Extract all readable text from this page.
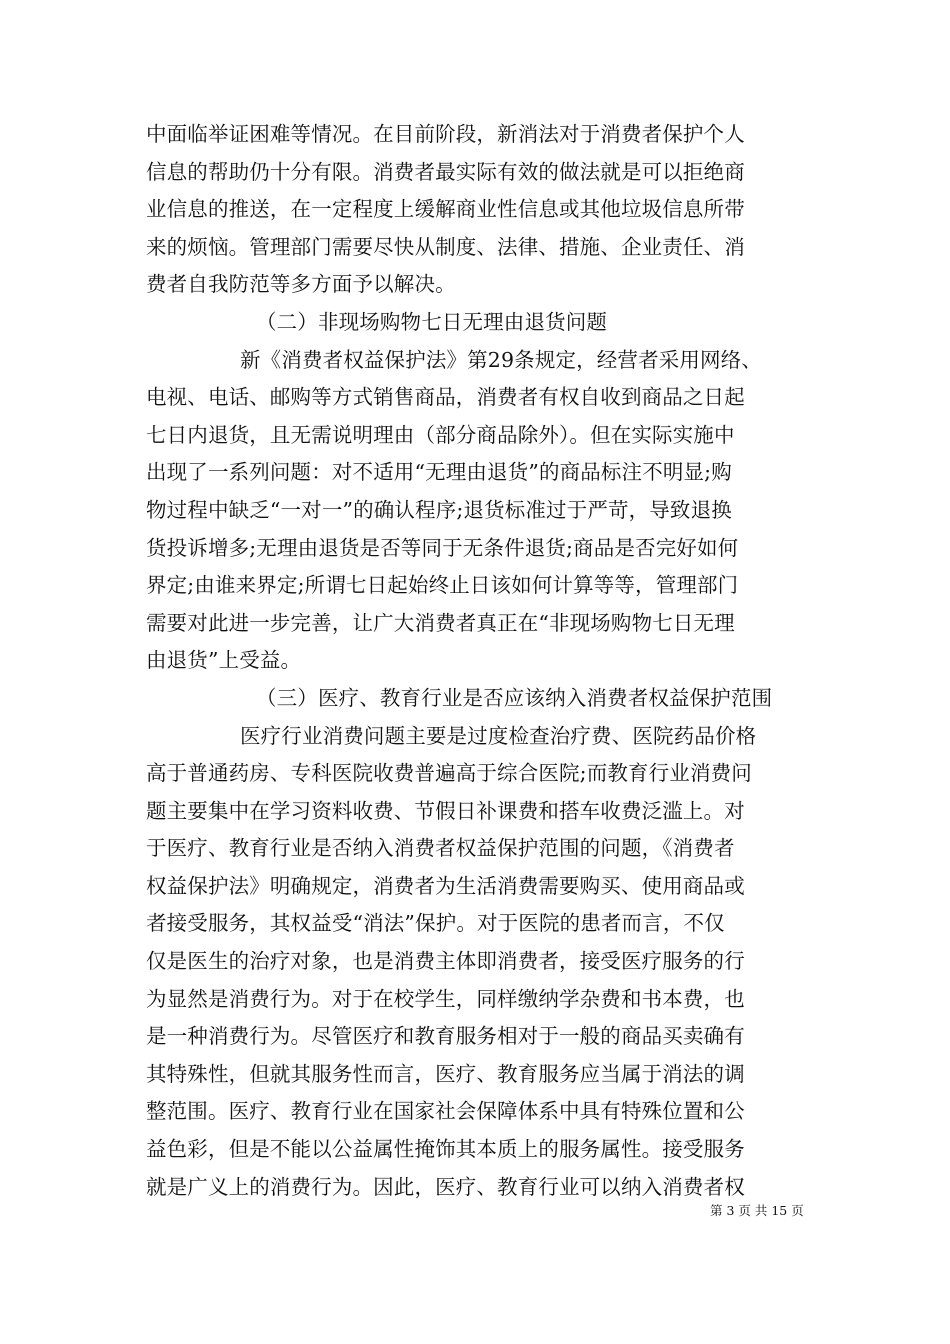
中面临举证困难等情况。在目前阶段，新消法对于消费者保护个人
信息的帮助仍十分有限。消费者最实际有效的做法就是可以拒绝商
业信息的推送，在一定程度上缓解商业性信息或其他垃圾信息所带
来的烦恼。管理部门需要尽快从制度、法律、措施、企业责任、消
费者自我防范等多方面予以解决。
（二）非现场购物七日无理由退货问题
新《消费者权益保护法》第29条规定，经营者采用网络、
电视、电话、邮购等方式销售商品，消费者有权自收到商品之日起
七日内退货，且无需说明理由（部分商品除外）。但在实际实施中
出现了一系列问题：对不适用“无理由退货”的商品标注不明显;购
物过程中缺乏“一对一”的确认程序;退货标准过于严苛，导致退换
货投诉增多;无理由退货是否等同于无条件退货;商品是否完好如何
界定;由谁来界定;所谓七日起始终止日该如何计算等等，管理部门
需要对此进一步完善，让广大消费者真正在“非现场购物七日无理
由退货”上受益。
（三）医疗、教育行业是否应该纳入消费者权益保护范围
医疗行业消费问题主要是过度检查治疗费、医院药品价格
高于普通药房、专科医院收费普遍高于综合医院;而教育行业消费问
题主要集中在学习资料收费、节假日补课费和搭车收费泛滥上。对
于医疗、教育行业是否纳入消费者权益保护范围的问题，《消费者
权益保护法》明确规定，消费者为生活消费需要购买、使用商品或
者接受服务，其权益受“消法”保护。对于医院的患者而言，不仅
仅是医生的治疗对象，也是消费主体即消费者，接受医疗服务的行
为显然是消费行为。对于在校学生，同样缴纳学杂费和书本费，也
是一种消费行为。尽管医疗和教育服务相对于一般的商品买卖确有
其特殊性，但就其服务性而言，医疗、教育服务应当属于消法的调
整范围。医疗、教育行业在国家社会保障体系中具有特殊位置和公
益色彩，但是不能以公益属性掩饰其本质上的服务属性。接受服务
就是广义上的消费行为。因此，医疗、教育行业可以纳入消费者权
第 3 页 共 15 页
